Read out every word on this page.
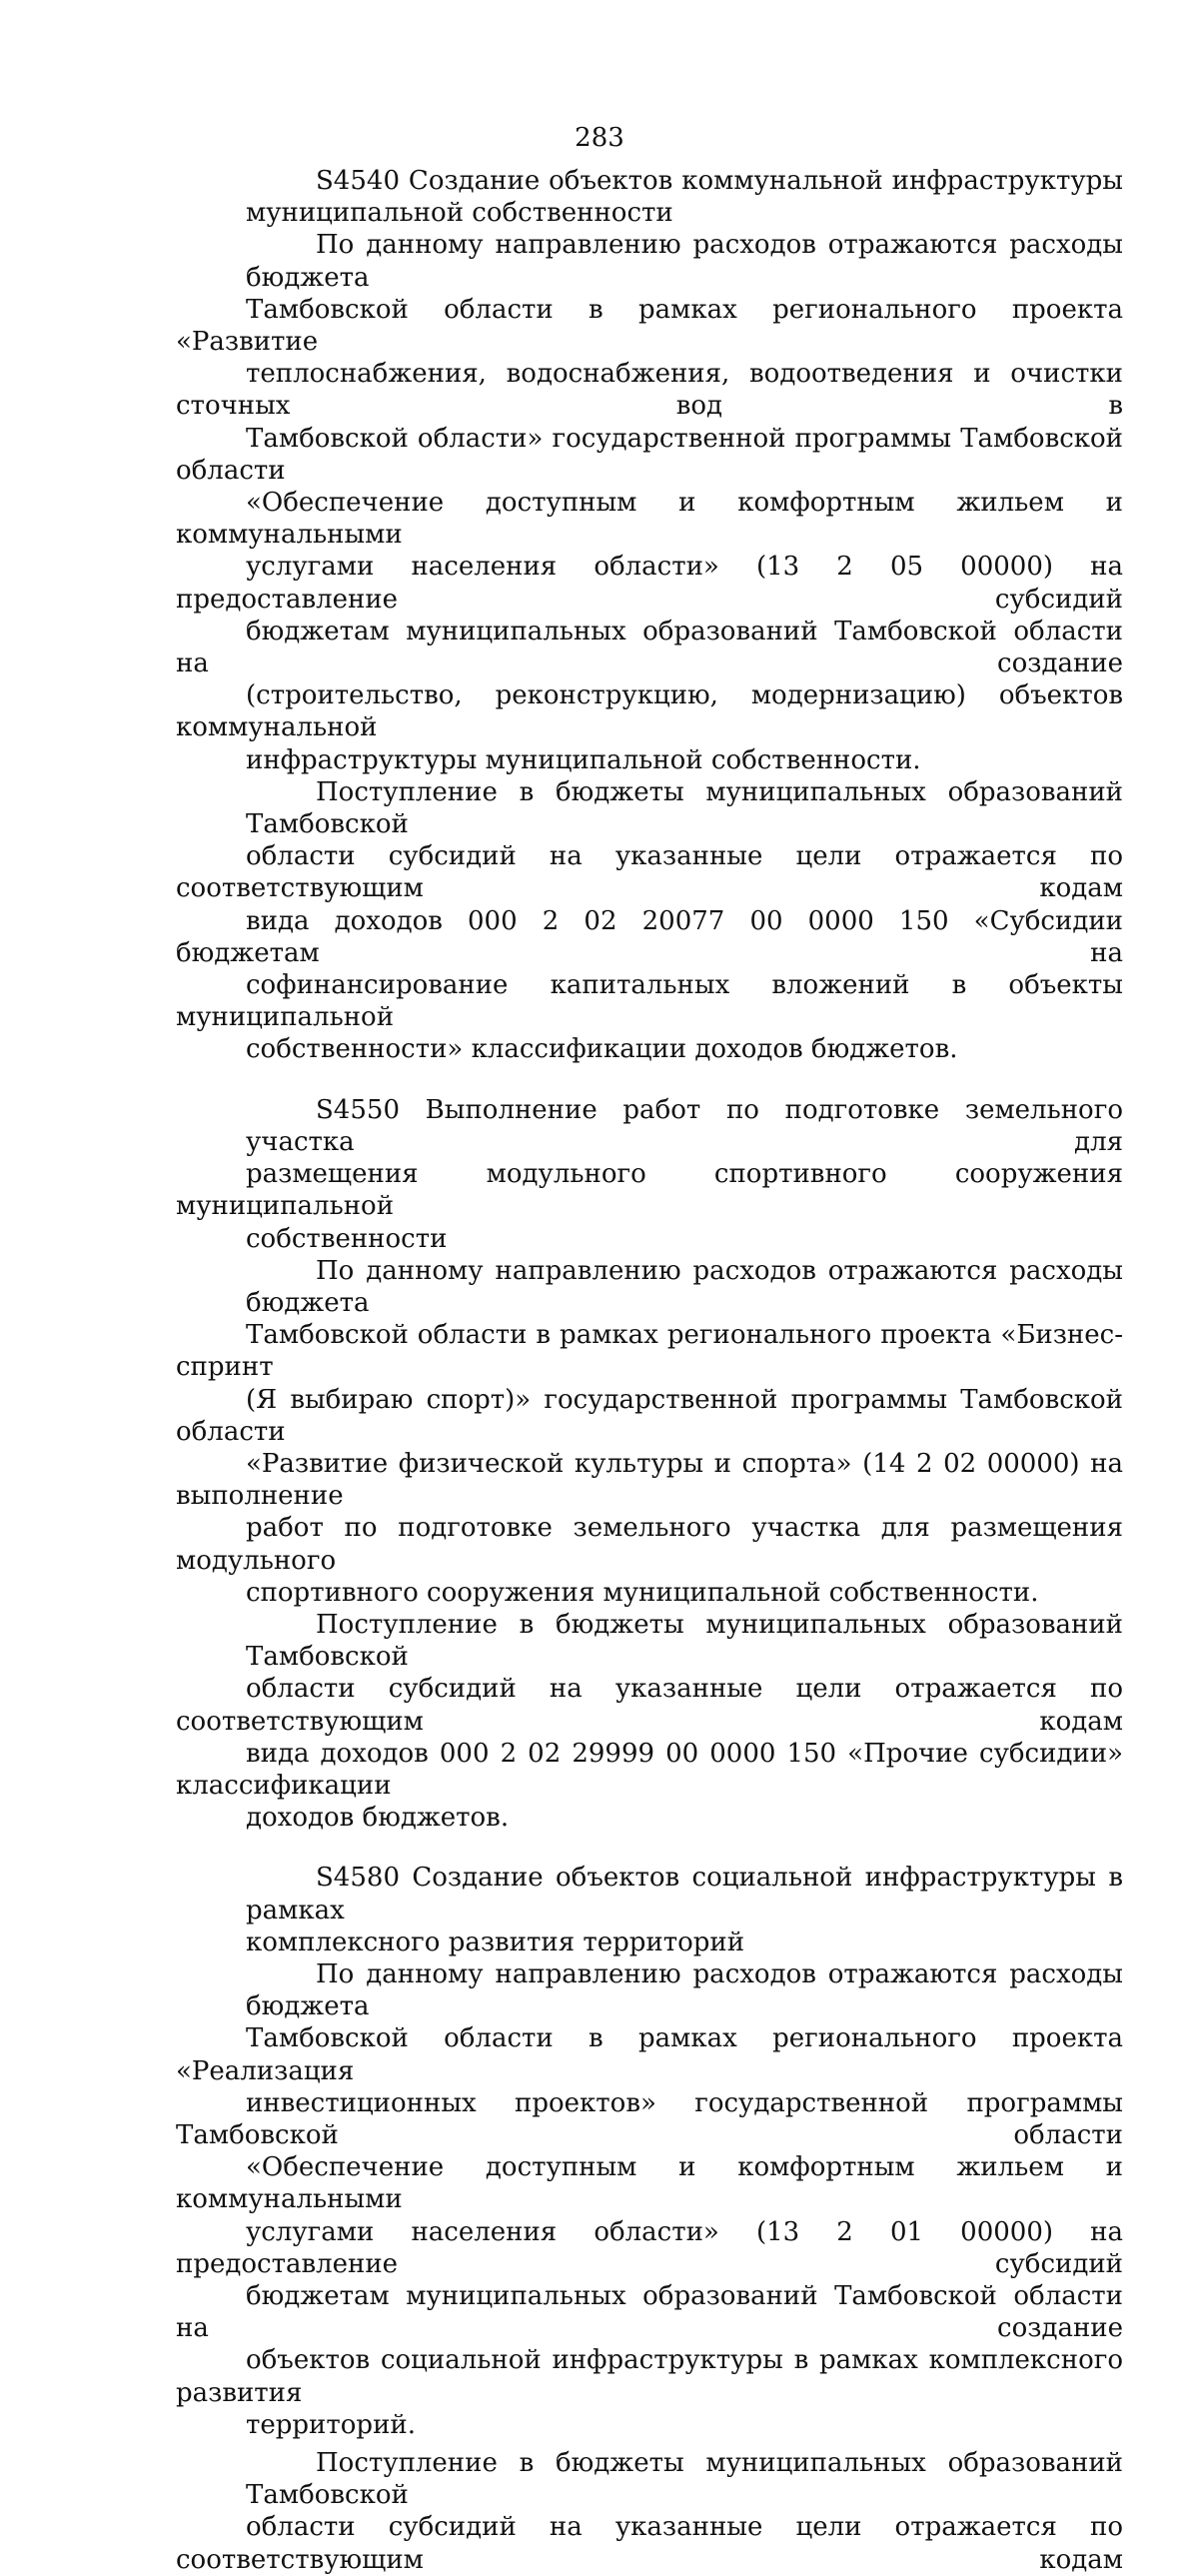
283
S4540 Создание объектов коммунальной инфраструктуры
муниципальной собственности
По данному направлению расходов отражаются расходы бюджета
Тамбовской области в рамках регионального проекта «Развитие
теплоснабжения, водоснабжения, водоотведения и очистки сточных вод в
Тамбовской области» государственной программы Тамбовской области
«Обеспечение доступным и комфортным жильем и коммунальными
услугами населения области» (13 2 05 00000) на предоставление субсидий
бюджетам муниципальных образований Тамбовской области на создание
(строительство, реконструкцию, модернизацию) объектов коммунальной
инфраструктуры муниципальной собственности.
Поступление в бюджеты муниципальных образований Тамбовской
области субсидий на указанные цели отражается по соответствующим кодам
вида доходов 000 2 02 20077 00 0000 150 «Субсидии бюджетам на
софинансирование капитальных вложений в объекты муниципальной
собственности» классификации доходов бюджетов.
S4550 Выполнение работ по подготовке земельного участка для
размещения модульного спортивного сооружения муниципальной
собственности
По данному направлению расходов отражаются расходы бюджета
Тамбовской области в рамках регионального проекта «Бизнес-спринт
(Я выбираю спорт)» государственной программы Тамбовской области
«Развитие физической культуры и спорта» (14 2 02 00000) на выполнение
работ по подготовке земельного участка для размещения модульного
спортивного сооружения муниципальной собственности.
Поступление в бюджеты муниципальных образований Тамбовской
области субсидий на указанные цели отражается по соответствующим кодам
вида доходов 000 2 02 29999 00 0000 150 «Прочие субсидии» классификации
доходов бюджетов.
S4580 Создание объектов социальной инфраструктуры в рамках
комплексного развития территорий
По данному направлению расходов отражаются расходы бюджета
Тамбовской области в рамках регионального проекта «Реализация
инвестиционных проектов» государственной программы Тамбовской области
«Обеспечение доступным и комфортным жильем и коммунальными
услугами населения области» (13 2 01 00000) на предоставление субсидий
бюджетам муниципальных образований Тамбовской области на создание
объектов социальной инфраструктуры в рамках комплексного развития
территорий.
Поступление в бюджеты муниципальных образований Тамбовской
области субсидий на указанные цели отражается по соответствующим кодам
